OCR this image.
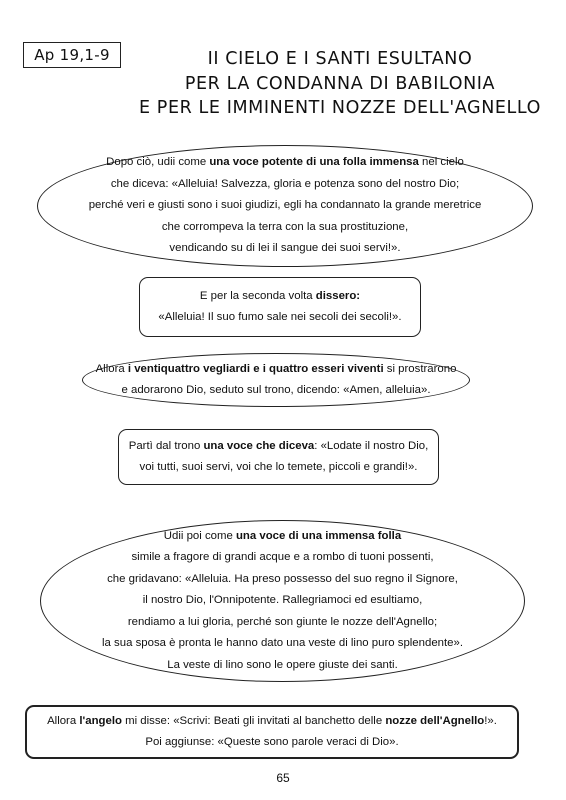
Ap 19,1-9	II CIELO E I SANTI ESULTANO
PER LA CONDANNA DI BABILONIA
E PER LE IMMINENTI NOZZE DELL'AGNELLO

Dopo ciò, udii come una voce potente di una folla immensa nel cielo
che diceva: «Alleluia! Salvezza, gloria e potenza sono del nostro Dio;
perché veri e giusti sono i suoi giudizi, egli ha condannato la grande meretrice
che corrompeva la terra con la sua prostituzione,
vendicando su di lei il sangue dei suoi servi!».

E per la seconda volta dissero:
«Alleluia! Il suo fumo sale nei secoli dei secoli!».

Allora i ventiquattro vegliardi e i quattro esseri viventi si prostrarono
e adorarono Dio, seduto sul trono, dicendo: «Amen, alleluia».

Partì dal trono una voce che diceva: «Lodate il nostro Dio,
voi tutti, suoi servi, voi che lo temete, piccoli e grandi!».

Udii poi come una voce di una immensa folla
simile a fragore di grandi acque e a rombo di tuoni possenti,
che gridavano: «Alleluia. Ha preso possesso del suo regno il Signore,
il nostro Dio, l'Onnipotente. Rallegriamoci ed esultiamo,
rendiamo a lui gloria, perché son giunte le nozze dell'Agnello;
la sua sposa è pronta le hanno dato una veste di lino puro splendente».
La veste di lino sono le opere giuste dei santi.

Allora l'angelo mi disse: «Scrivi: Beati gli invitati al banchetto delle nozze dell'Agnello!».
Poi aggiunse: «Queste sono parole veraci di Dio».

65
